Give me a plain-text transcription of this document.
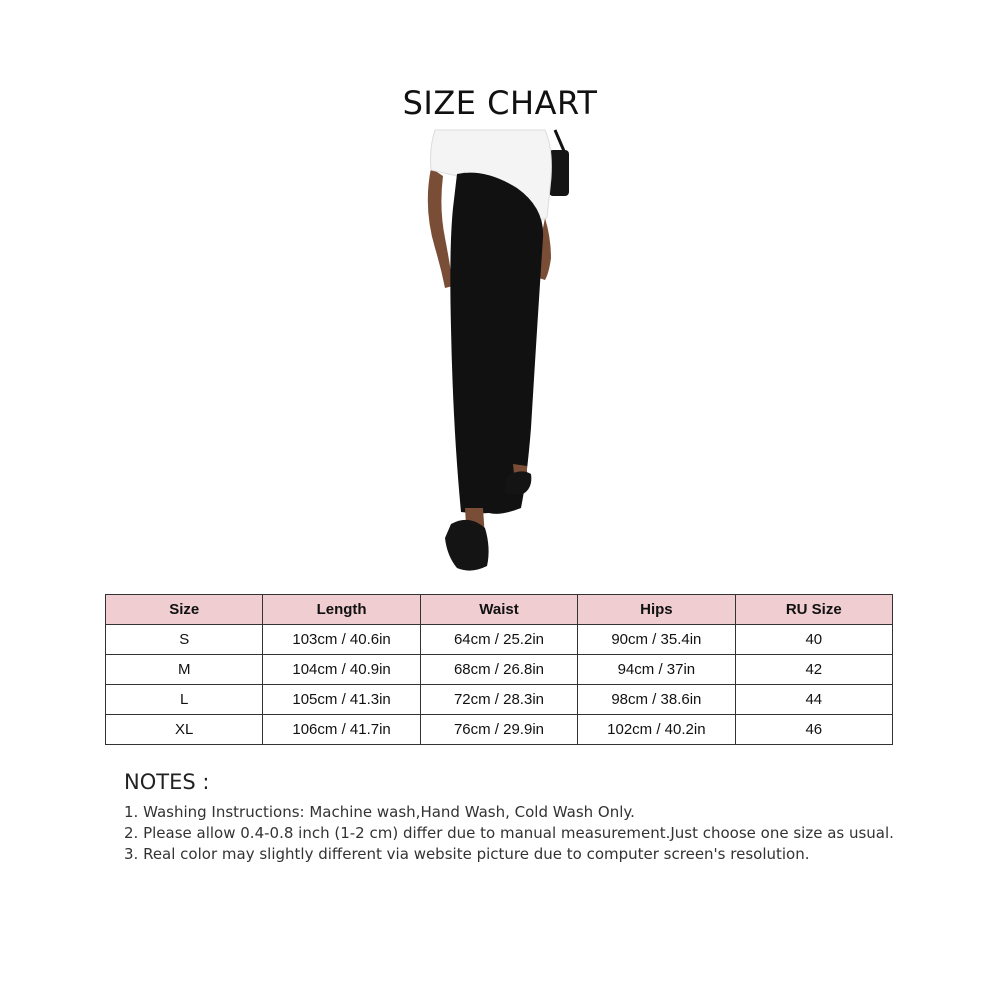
SIZE CHART
Size	Length	Waist	Hips	RU Size
S	103cm / 40.6in	64cm / 25.2in	90cm / 35.4in	40
M	104cm / 40.9in	68cm / 26.8in	94cm / 37in	42
L	105cm / 41.3in	72cm / 28.3in	98cm / 38.6in	44
XL	106cm / 41.7in	76cm / 29.9in	102cm / 40.2in	46
NOTES :
1. Washing Instructions: Machine wash,Hand Wash, Cold Wash Only.
2. Please allow 0.4-0.8 inch (1-2 cm) differ due to manual measurement.Just choose one size as usual.
3. Real color may slightly different via website picture due to computer screen's resolution.
